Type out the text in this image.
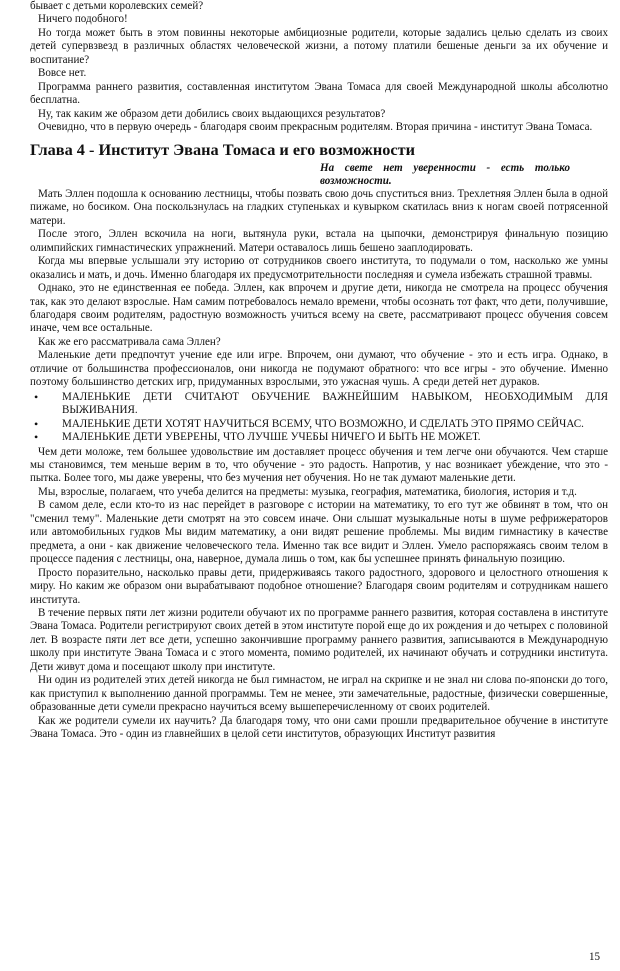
бывает с детьми королевских семей?

Ничего подобного!

Но тогда может быть в этом повинны некоторые амбициозные родители, которые задались целью сделать из своих детей супервзвезд в различных областях человеческой жизни, а потому платили бешеные деньги за их обучение и воспитание?

Вовсе нет.

Программа раннего развития, составленная институтом Эвана Томаса для своей Международной школы абсолютно бесплатна.

Ну, так каким же образом дети добились своих выдающихся результатов?

Очевидно, что в первую очередь - благодаря своим прекрасным родителям. Вторая причина - институт Эвана Томаса.

Глава 4 - Институт Эвана Томаса и его возможности

На свете нет уверенности - есть только возможности.

Мать Эллен подошла к основанию лестницы, чтобы позвать свою дочь спуститься вниз. Трехлетняя Эллен была в одной пижаме, но босиком. Она поскользнулась на гладких ступеньках и кувырком скатилась вниз к ногам своей потрясенной матери.

После этого, Эллен вскочила на ноги, вытянула руки, встала на цыпочки, демонстрируя финальную позицию олимпийских гимнастических упражнений. Матери оставалось лишь бешено зааплодировать.

Когда мы впервые услышали эту историю от сотрудников своего института, то подумали о том, насколько же умны оказались и мать, и дочь. Именно благодаря их предусмотрительности последняя и сумела избежать страшной травмы.

Однако, это не единственная ее победа. Эллен, как впрочем и другие дети, никогда не смотрела на процесс обучения так, как это делают взрослые. Нам самим потребовалось немало времени, чтобы осознать тот факт, что дети, получившие, благодаря своим родителям, радостную возможность учиться всему на свете, рассматривают процесс обучения совсем иначе, чем все остальные.

Как же его рассматривала сама Эллен?

Маленькие дети предпочтут учение еде или игре. Впрочем, они думают, что обучение - это и есть игра. Однако, в отличие от большинства профессионалов, они никогда не подумают обратного: что все игры - это обучение. Именно поэтому большинство детских игр, придуманных взрослыми, это ужасная чушь. А среди детей нет дураков.

• МАЛЕНЬКИЕ ДЕТИ СЧИТАЮТ ОБУЧЕНИЕ ВАЖНЕЙШИМ НАВЫКОМ, НЕОБХОДИМЫМ ДЛЯ ВЫЖИВАНИЯ.
• МАЛЕНЬКИЕ ДЕТИ ХОТЯТ НАУЧИТЬСЯ ВСЕМУ, ЧТО ВОЗМОЖНО, И СДЕЛАТЬ ЭТО ПРЯМО СЕЙЧАС.
• МАЛЕНЬКИЕ ДЕТИ УВЕРЕНЫ, ЧТО ЛУЧШЕ УЧЕБЫ НИЧЕГО И БЫТЬ НЕ МОЖЕТ.

Чем дети моложе, тем большее удовольствие им доставляет процесс обучения и тем легче они обучаются. Чем старше мы становимся, тем меньше верим в то, что обучение - это радость. Напротив, у нас возникает убеждение, что это - пытка. Более того, мы даже уверены, что без мучения нет обучения. Но не так думают маленькие дети.

Мы, взрослые, полагаем, что учеба делится на предметы: музыка, география, математика, биология, история и т.д.

В самом деле, если кто-то из нас перейдет в разговоре с истории на математику, то его тут же обвинят в том, что он "сменил тему". Маленькие дети смотрят на это совсем иначе. Они слышат музыкальные ноты в шуме рефрижераторов или автомобильных гудков Мы видим математику, а они видят решение проблемы. Мы видим гимнастику в качестве предмета, а они - как движение человеческого тела. Именно так все видит и Эллен. Умело распоряжаясь своим телом в процессе падения с лестницы, она, наверное, думала лишь о том, как бы успешнее принять финальную позицию.

Просто поразительно, насколько правы дети, придерживаясь такого радостного, здорового и целостного отношения к миру. Но каким же образом они вырабатывают подобное отношение? Благодаря своим родителям и сотрудникам нашего института.

В течение первых пяти лет жизни родители обучают их по программе раннего развития, которая составлена в институте Эвана Томаса. Родители регистрируют своих детей в этом институте порой еще до их рождения и до четырех с половиной лет. В возрасте пяти лет все дети, успешно закончившие программу раннего развития, записываются в Международную школу при институте Эвана Томаса и с этого момента, помимо родителей, их начинают обучать и сотрудники института. Дети живут дома и посещают школу при институте.

Ни один из родителей этих детей никогда не был гимнастом, не играл на скрипке и не знал ни слова по-японски до того, как приступил к выполнению данной программы. Тем не менее, эти замечательные, радостные, физически совершенные, образованные дети сумели прекрасно научиться всему вышеперечисленному от своих родителей.

Как же родители сумели их научить? Да благодаря тому, что они сами прошли предварительное обучение в институте Эвана Томаса. Это - один из главнейших в целой сети институтов, образующих Институт развития

15
